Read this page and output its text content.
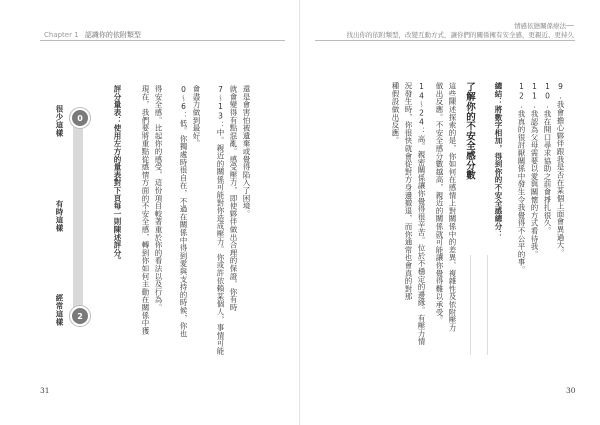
Chapter 1 認識你的依附類型
0
2
很少這樣
有時這樣
經常這樣
評分量表：使用左方的量表對下頁每一則陳述評分。	現在，我們要將重點從感情方面的不安全感，轉到你如何主動在關係中獲 得安全感。比起你的感受，這份項目較著重於你的看法以及行為。 0～6：低。你獨處時很自在，不過在關係中得到愛與支持的時候，你也 會盡力做到最好。 7～13：中。親近的關係可能對你造成壓力。你或許依賴某個人，事情可能 就會變得有點混亂。感受壓力，即使夥伴做出合理的保證，你有時 還是會害怕被遺棄或覺得陷入了困境。
31
情感依戀關係療法──
找出你的依附類型，改變互動方式，讓你們的關係擁有安全感，更親近、更持久
9.我會擔心夥伴跟我是否在某個上面會異過大。
10.我在開口尋求協助之前會掙扎很久。
11.我認為父母需要以愛與關懷的方式看待我。
12.我真的很討厭關係中發生令我覺得不公平的事。
總結：將數字相加，得到你的不安全感總分：
了解你的不安全感分數
這些陳述探索的是，你如何在感情上對關係中的差異、複雜性及依附壓力
做出反應。不安全感分數越高，親近的關係就可能讓你覺得難以承受。
14～24：高。親密關係讓你覺得很辛苦。位於不穩定的邊緣。有壓力情
況發生時，你很快就會從對方身邊撤退，而你通常也會真的對那
種假設做出反應。
30
